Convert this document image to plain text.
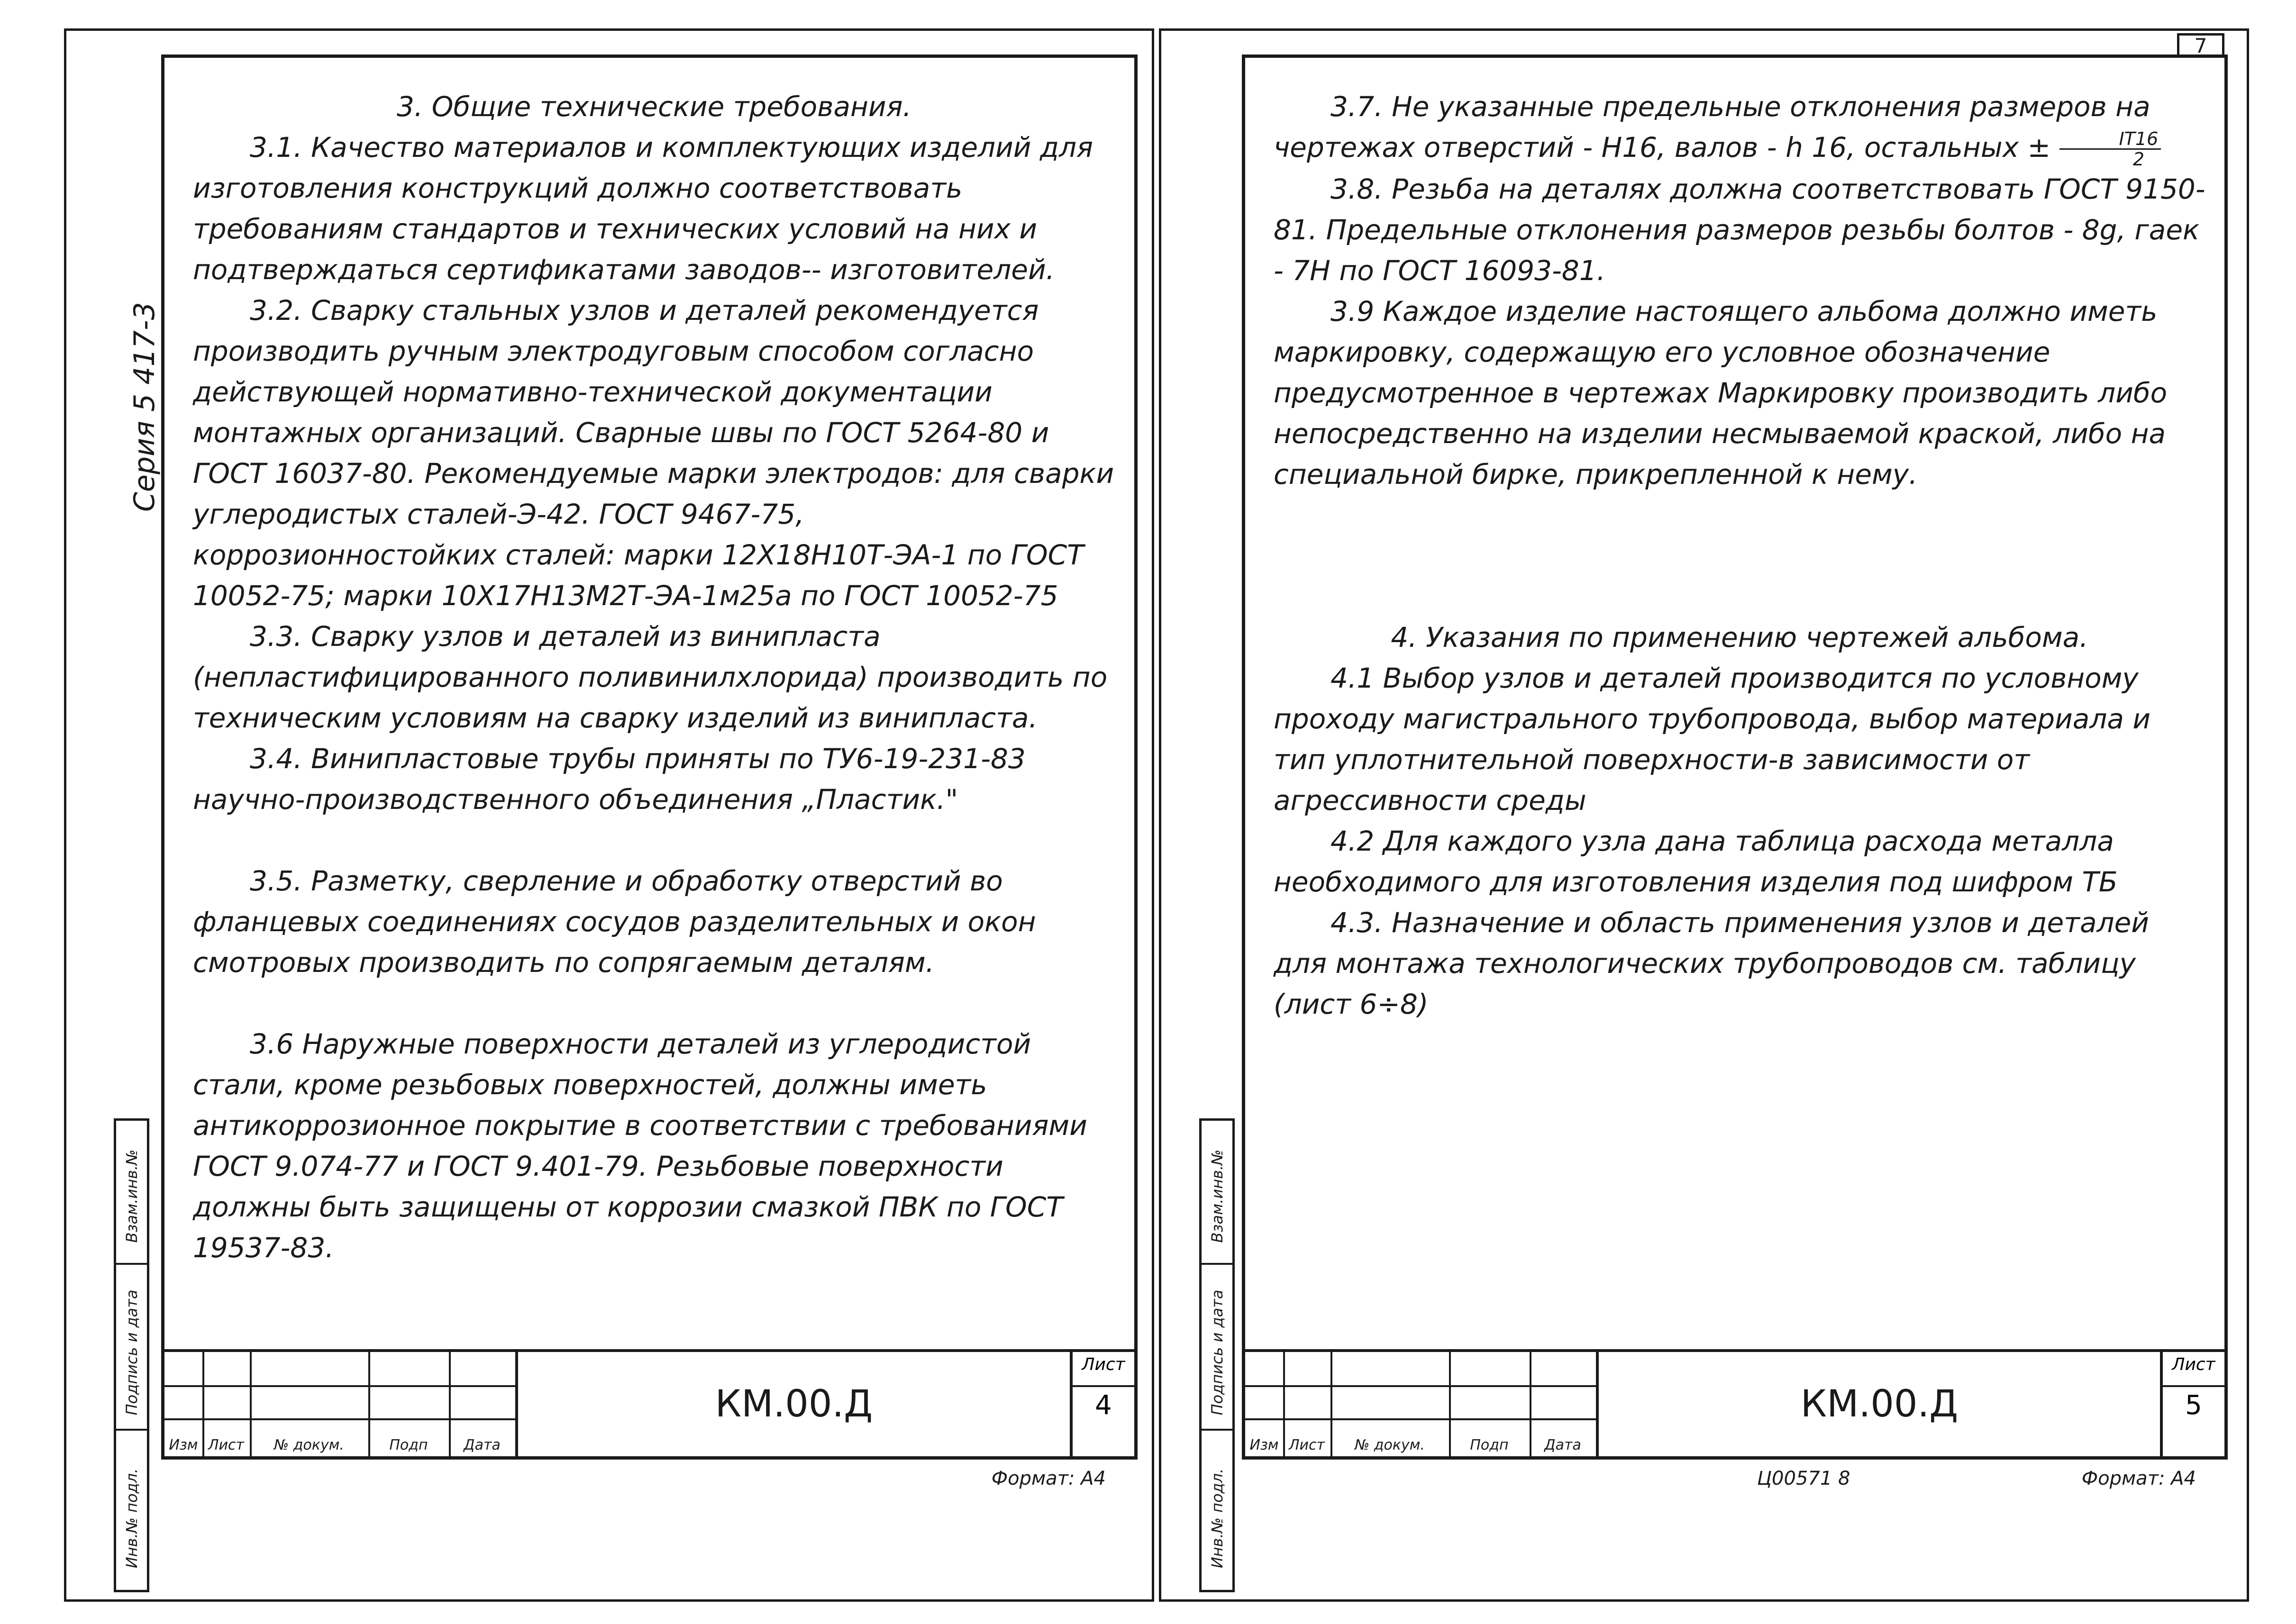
Серия 5 417-3

3. Общие технические требования.

3.1. Качество материалов и комплектующих изделий для изготовления конструкций должно соответствовать требованиям стандартов и технических условий на них и подтверждаться сертификатами заводов-- изготовителей.

3.2. Сварку стальных узлов и деталей рекомендуется производить ручным электродуговым способом согласно действующей нормативно-технической документации монтажных организаций. Сварные швы по ГОСТ 5264-80 и ГОСТ 16037-80. Рекомендуемые марки электродов: для сварки углеродистых сталей-Э-42. ГОСТ 9467-75, коррозионностойких сталей: марки 12Х18Н10Т-ЭА-1 по ГОСТ 10052-75; марки 10Х17Н13М2Т-ЭА-1м25а по ГОСТ 10052-75

3.3. Сварку узлов и деталей из винипласта (непластифицированного поливинилхлорида) производить по техническим условиям на сварку изделий из винипласта.

3.4. Винипластовые трубы приняты по ТУ6-19-231-83 научно-производственного объединения „Пластик."

3.5. Разметку, сверление и обработку отверстий во фланцевых соединениях сосудов разделительных и окон смотровых производить по сопрягаемым деталям.

3.6 Наружные поверхности деталей из углеродистой стали, кроме резьбовых поверхностей, должны иметь антикоррозионное покрытие в соответствии с требованиями ГОСТ 9.074-77 и ГОСТ 9.401-79. Резьбовые поверхности должны быть защищены от коррозии смазкой ПВК по ГОСТ 19537-83.

Изм Лист	№ докум.	Подп	Дата
КМ.00.Д
Лист
4
Формат: А4
Инв.№ подл.
Подпись и дата
Взам.инв.№
7

3.7. Не указанные предельные отклонения размеров на чертежах отверстий - Н16, валов - h 16, остальных ± $\frac{IT16}{2}$

3.8. Резьба на деталях должна соответствовать ГОСТ 9150-81. Предельные отклонения размеров резьбы болтов - 8g, гаек - 7Н по ГОСТ 16093-81.

3.9 Каждое изделие настоящего альбома должно иметь маркировку, содержащую его условное обозначение предусмотренное в чертежах Маркировку производить либо непосредственно на изделии несмываемой краской, либо на специальной бирке, прикрепленной к нему.

4. Указания по применению чертежей альбома.

4.1 Выбор узлов и деталей производится по условному проходу магистрального трубопровода, выбор материала и тип уплотнительной поверхности-в зависимости от агрессивности среды

4.2 Для каждого узла дана таблица расхода металла необходимого для изготовления изделия под шифром ТБ

4.3. Назначение и область применения узлов и деталей для монтажа технологических трубопроводов см. таблицу (лист 6÷8)

Изм Лист	№ докум.	Подп	Дата
КМ.00.Д
Лист
5
Ц00571 8	Формат: А4
Инв.№ подл.
Подпись и дата
Взам.инв.№
